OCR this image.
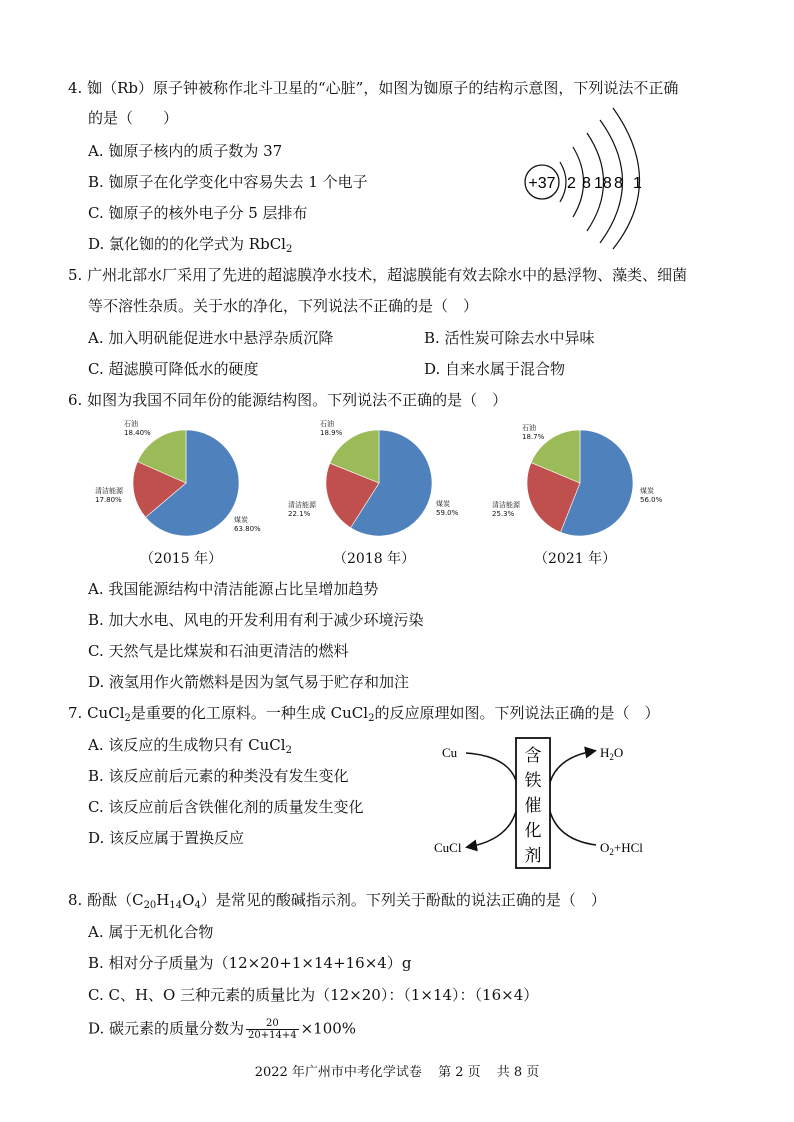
4. 铷（Rb）原子钟被称作北斗卫星的“心脏”，如图为铷原子的结构示意图，下列说法不正确
的是（　　）
A. 铷原子核内的质子数为 37
B. 铷原子在化学变化中容易失去 1 个电子
C. 铷原子的核外电子分 5 层排布
D. 氯化铷的的化学式为 RbCl$_2$
+37 2 8 18 8 1
5. 广州北部水厂采用了先进的超滤膜净水技术，超滤膜能有效去除水中的悬浮物、藻类、细菌
等不溶性杂质。关于水的净化，下列说法不正确的是（　）
A. 加入明矾能促进水中悬浮杂质沉降	B. 活性炭可除去水中异味
C. 超滤膜可降低水的硬度	D. 自来水属于混合物
6. 如图为我国不同年份的能源结构图。下列说法不正确的是（　）
石油
18.40%
清洁能源
17.80%
煤炭
63.80%
（2015 年）
石油
18.9%
清洁能源
22.1%
煤炭
59.0%
（2018 年）
石油
18.7%
清洁能源
25.3%
煤炭
56.0%
（2021 年）
A. 我国能源结构中清洁能源占比呈增加趋势
B. 加大水电、风电的开发利用有利于减少环境污染
C. 天然气是比煤炭和石油更清洁的燃料
D. 液氢用作火箭燃料是因为氢气易于贮存和加注
7. CuCl$_2$是重要的化工原料。一种生成 CuCl$_2$的反应原理如图。下列说法正确的是（　）
A. 该反应的生成物只有 CuCl$_2$
B. 该反应前后元素的种类没有发生变化
C. 该反应前后含铁催化剂的质量发生变化
D. 该反应属于置换反应
Cu
CuCl
$H_2O$
$O_2+HCl$
含
铁
催
化
剂
8. 酚酞$(C_{20}H_{14}O_4)$是常见的酸碱指示剂。下列关于酚酞的说法正确的是（　）
A. 属于无机化合物
B. 相对分子质量为（12×20+1×14+16×4）g
C. C、H、O 三种元素的质量比为（12×20）：（1×14）：（16×4）
D. 碳元素的质量分数为 $\frac{20}{20+14+4} \times 100\%$
2022 年广州市中考化学试卷 第 2 页 共 8 页
